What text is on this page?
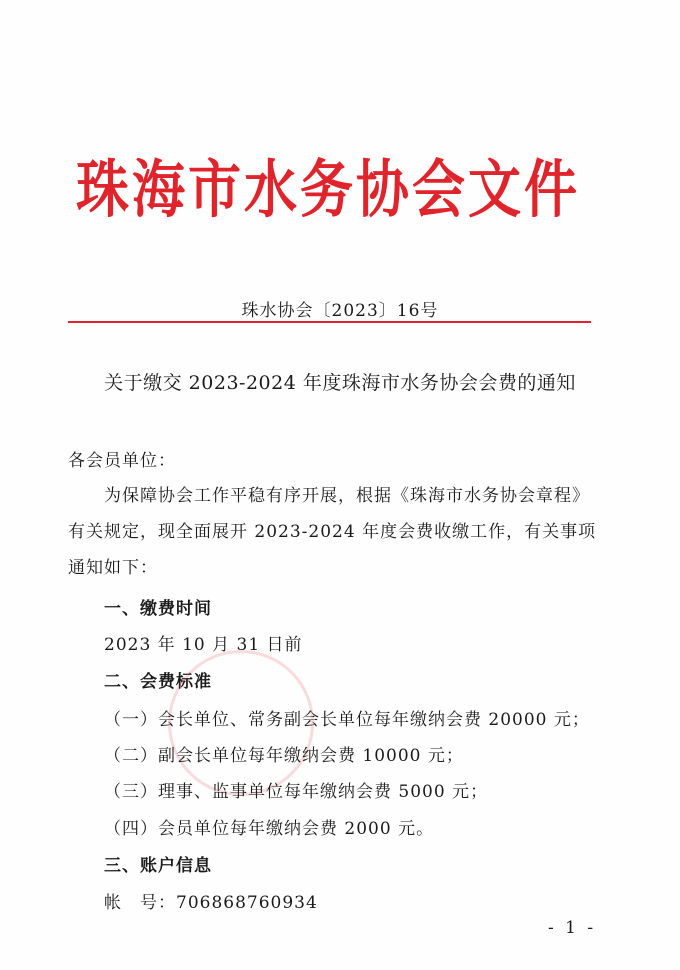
珠海市水务协会文件
珠水协会〔2023〕16号
关于缴交 2023-2024 年度珠海市水务协会会费的通知
各会员单位：
为保障协会工作平稳有序开展，根据《珠海市水务协会章程》
有关规定，现全面展开 2023-2024 年度会费收缴工作，有关事项
通知如下：
一、缴费时间
2023 年 10 月 31 日前
二、会费标准
（一）会长单位、常务副会长单位每年缴纳会费 20000 元；
（二）副会长单位每年缴纳会费 10000 元；
（三）理事、监事单位每年缴纳会费 5000 元；
（四）会员单位每年缴纳会费 2000 元。
三、账户信息
帐　号：706868760934
- 1 -
